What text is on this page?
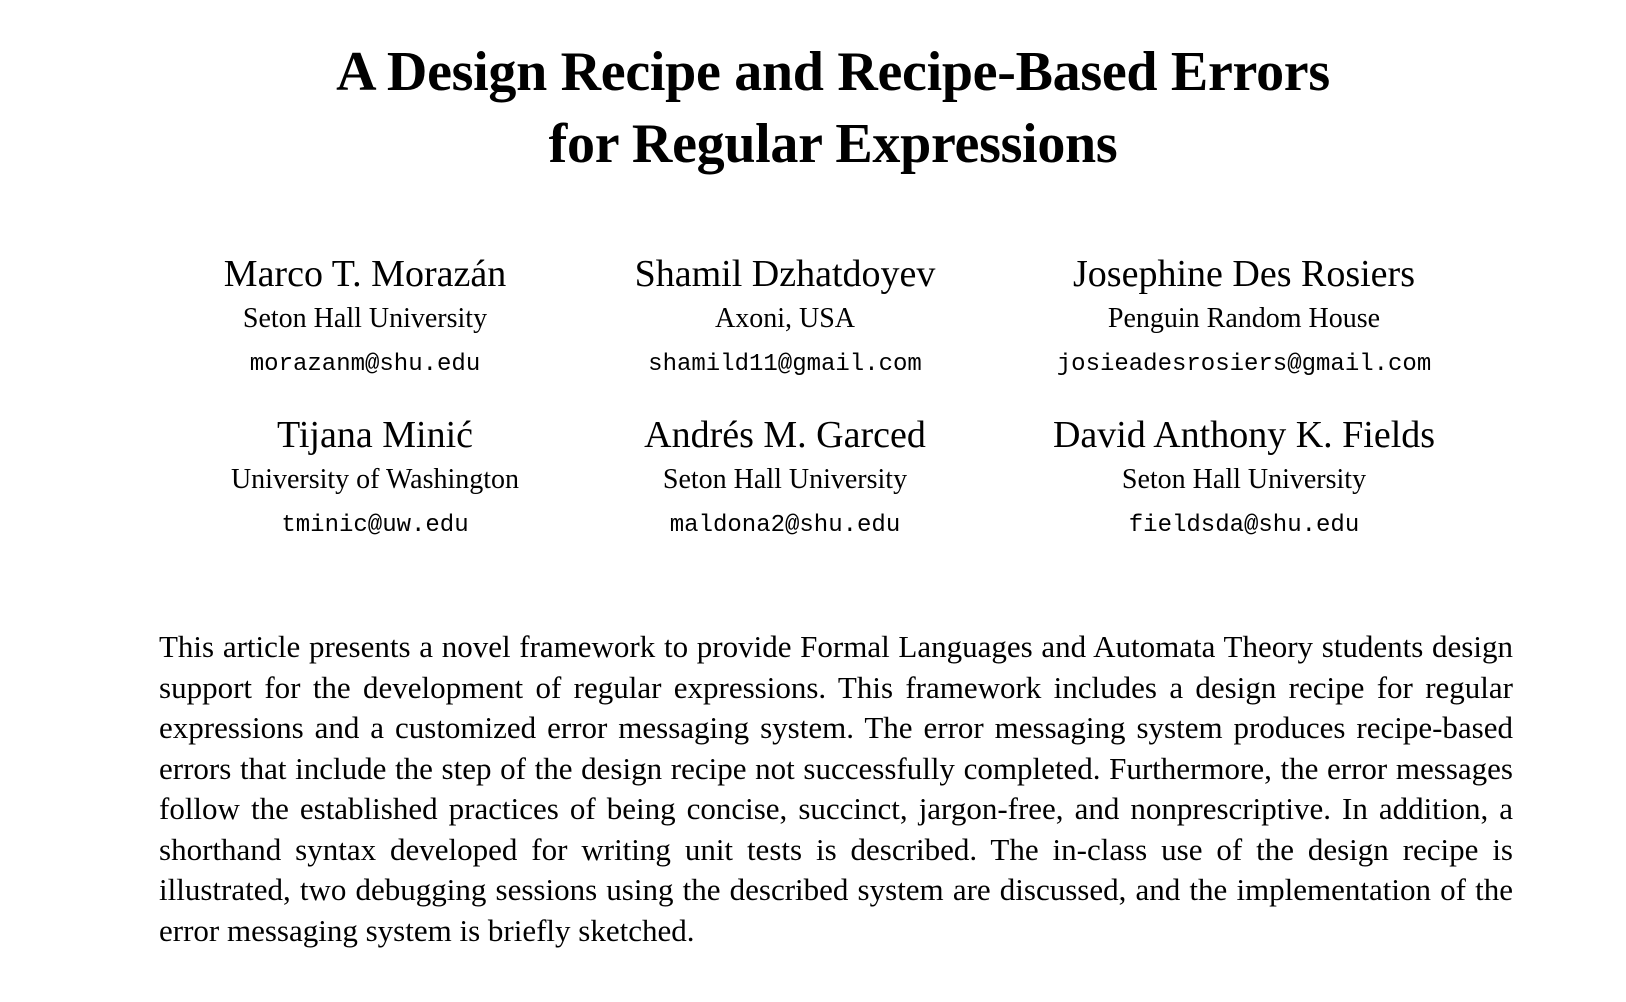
A Design Recipe and Recipe-Based Errors
for Regular Expressions
Marco T. Morazán
Seton Hall University
morazanm@shu.edu
Shamil Dzhatdoyev
Axoni, USA
shamild11@gmail.com
Josephine Des Rosiers
Penguin Random House
josieadesrosiers@gmail.com
Tijana Minić
University of Washington
tminic@uw.edu
Andrés M. Garced
Seton Hall University
maldona2@shu.edu
David Anthony K. Fields
Seton Hall University
fieldsda@shu.edu

This article presents a novel framework to provide Formal Languages and Automata Theory students design support for the development of regular expressions. This framework includes a design recipe for regular expressions and a customized error messaging system. The error messaging system produces recipe-based errors that include the step of the design recipe not successfully completed. Furthermore, the error messages follow the established practices of being concise, succinct, jargon-free, and nonprescriptive. In addition, a shorthand syntax developed for writing unit tests is described. The in-class use of the design recipe is illustrated, two debugging sessions using the described system are discussed, and the implementation of the error messaging system is briefly sketched.
